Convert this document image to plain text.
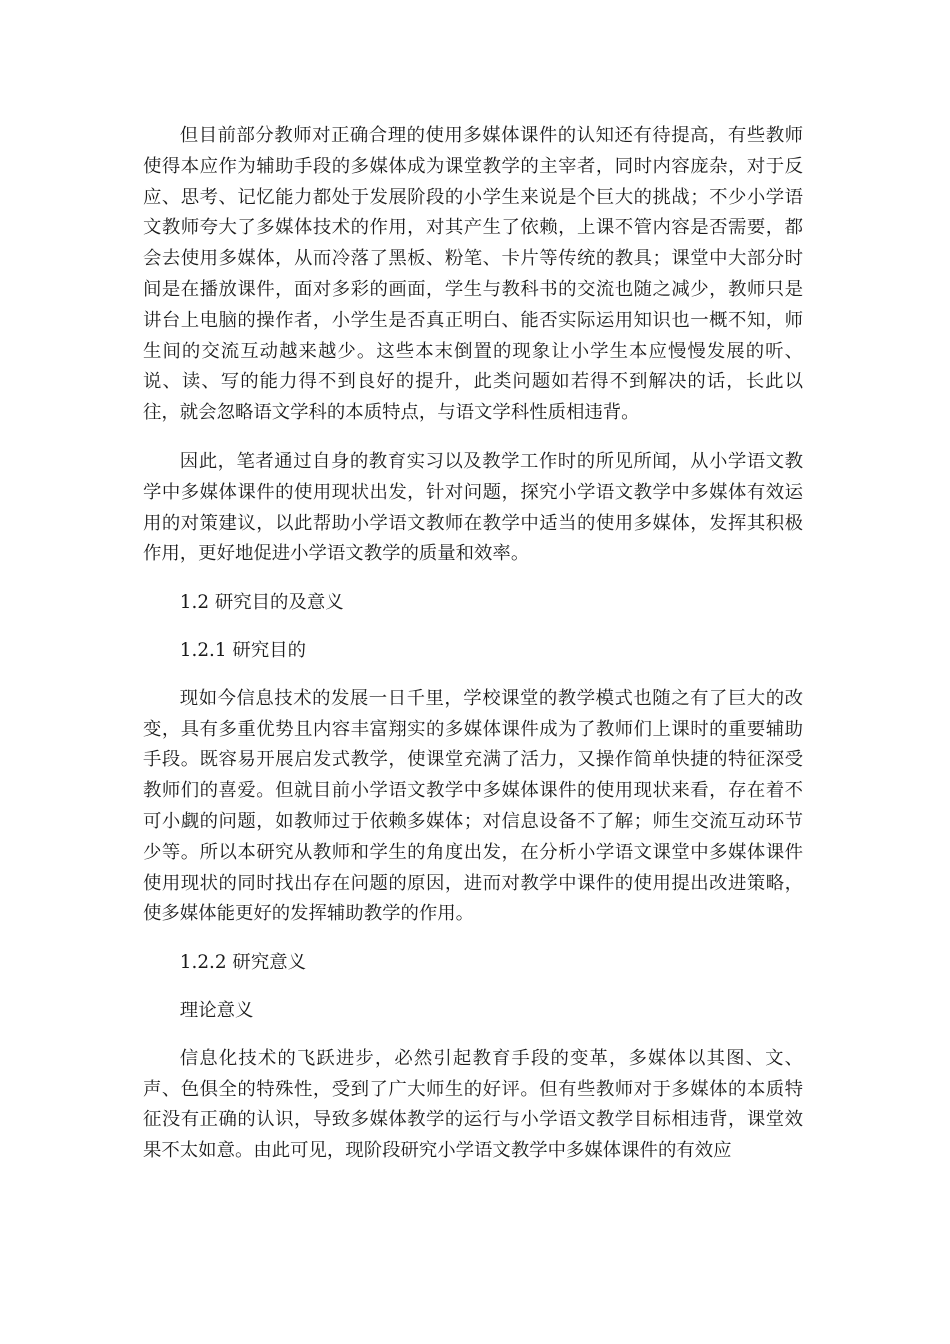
但目前部分教师对正确合理的使用多媒体课件的认知还有待提高，有些教师使得本应作为辅助手段的多媒体成为课堂教学的主宰者，同时内容庞杂，对于反应、思考、记忆能力都处于发展阶段的小学生来说是个巨大的挑战；不少小学语文教师夸大了多媒体技术的作用，对其产生了依赖，上课不管内容是否需要，都会去使用多媒体，从而冷落了黑板、粉笔、卡片等传统的教具；课堂中大部分时间是在播放课件，面对多彩的画面，学生与教科书的交流也随之减少，教师只是讲台上电脑的操作者，小学生是否真正明白、能否实际运用知识也一概不知，师生间的交流互动越来越少。这些本末倒置的现象让小学生本应慢慢发展的听、说、读、写的能力得不到良好的提升，此类问题如若得不到解决的话，长此以往，就会忽略语文学科的本质特点，与语文学科性质相违背。

因此，笔者通过自身的教育实习以及教学工作时的所见所闻，从小学语文教学中多媒体课件的使用现状出发，针对问题，探究小学语文教学中多媒体有效运用的对策建议，以此帮助小学语文教师在教学中适当的使用多媒体，发挥其积极作用，更好地促进小学语文教学的质量和效率。

1.2 研究目的及意义

1.2.1 研究目的

现如今信息技术的发展一日千里，学校课堂的教学模式也随之有了巨大的改变，具有多重优势且内容丰富翔实的多媒体课件成为了教师们上课时的重要辅助手段。既容易开展启发式教学，使课堂充满了活力，又操作简单快捷的特征深受教师们的喜爱。但就目前小学语文教学中多媒体课件的使用现状来看，存在着不可小觑的问题，如教师过于依赖多媒体；对信息设备不了解；师生交流互动环节少等。所以本研究从教师和学生的角度出发，在分析小学语文课堂中多媒体课件使用现状的同时找出存在问题的原因，进而对教学中课件的使用提出改进策略，使多媒体能更好的发挥辅助教学的作用。

1.2.2 研究意义

理论意义

信息化技术的飞跃进步，必然引起教育手段的变革，多媒体以其图、文、声、色俱全的特殊性，受到了广大师生的好评。但有些教师对于多媒体的本质特征没有正确的认识，导致多媒体教学的运行与小学语文教学目标相违背，课堂效果不太如意。由此可见，现阶段研究小学语文教学中多媒体课件的有效应
